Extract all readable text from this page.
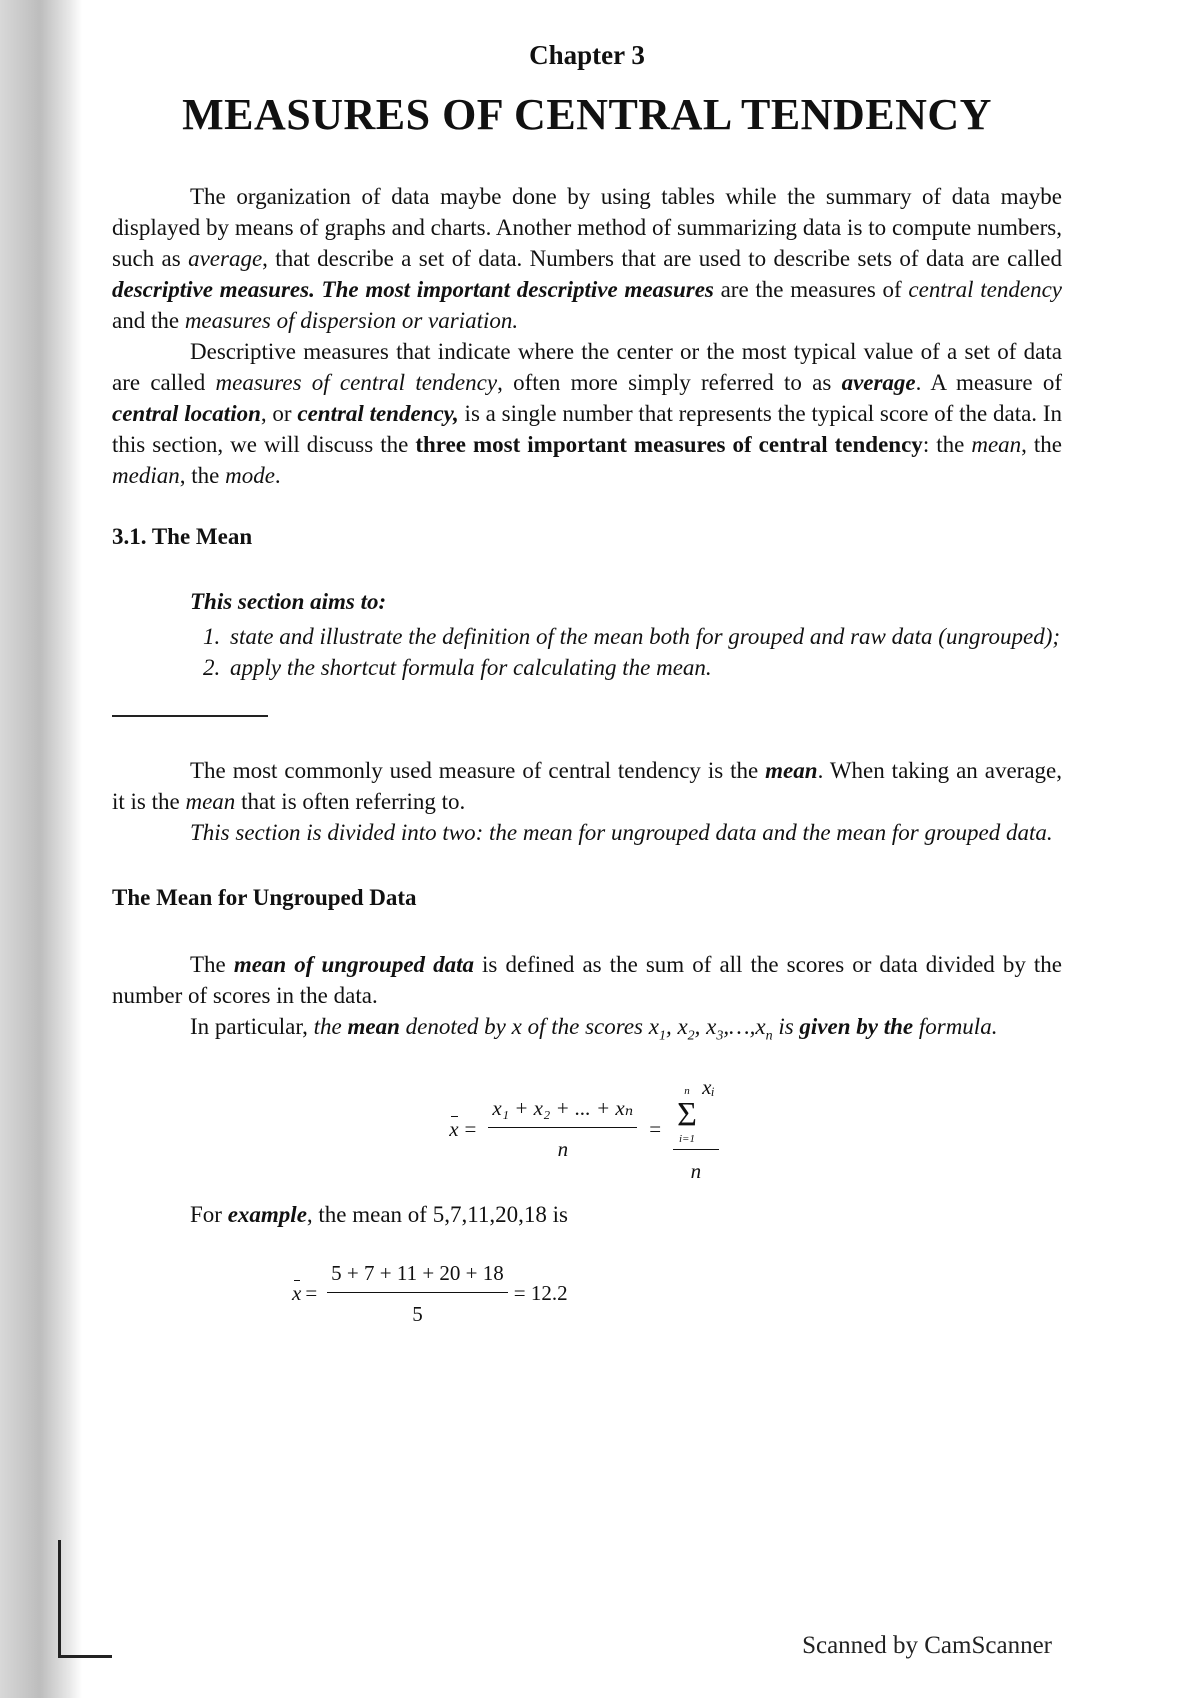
Chapter 3
MEASURES OF CENTRAL TENDENCY

The organization of data maybe done by using tables while the summary of data maybe displayed by means of graphs and charts. Another method of summarizing data is to compute numbers, such as average, that describe a set of data. Numbers that are used to describe sets of data are called descriptive measures. The most important descriptive measures are the measures of central tendency and the measures of dispersion or variation.

Descriptive measures that indicate where the center or the most typical value of a set of data are called measures of central tendency, often more simply referred to as average. A measure of central location, or central tendency, is a single number that represents the typical score of the data. In this section, we will discuss the three most important measures of central tendency: the mean, the median, the mode.

3.1. The Mean
This section aims to:
1. state and illustrate the definition of the mean both for grouped and raw data (ungrouped);
2. apply the shortcut formula for calculating the mean.

The most commonly used measure of central tendency is the mean. When taking an average, it is the mean that is often referring to.

This section is divided into two: the mean for ungrouped data and the mean for grouped data.

The Mean for Ungrouped Data

The mean of ungrouped data is defined as the sum of all the scores or data divided by the number of scores in the data.

In particular, the mean denoted by x of the scores $x_1$, $x_2$, $x_3,\dots,x_n$ is given by the formula.

$x = \frac{\text{x₁ + x₂ + ... + xₙ}}{n} = n$
Σ
i=1
xᵢ
n

For example, the mean of 5,7,11,20,18 is

$x = \frac{5 + 7 + 11 + 20 + 18}{5} = 12.2$
Scanned by CamScanner
